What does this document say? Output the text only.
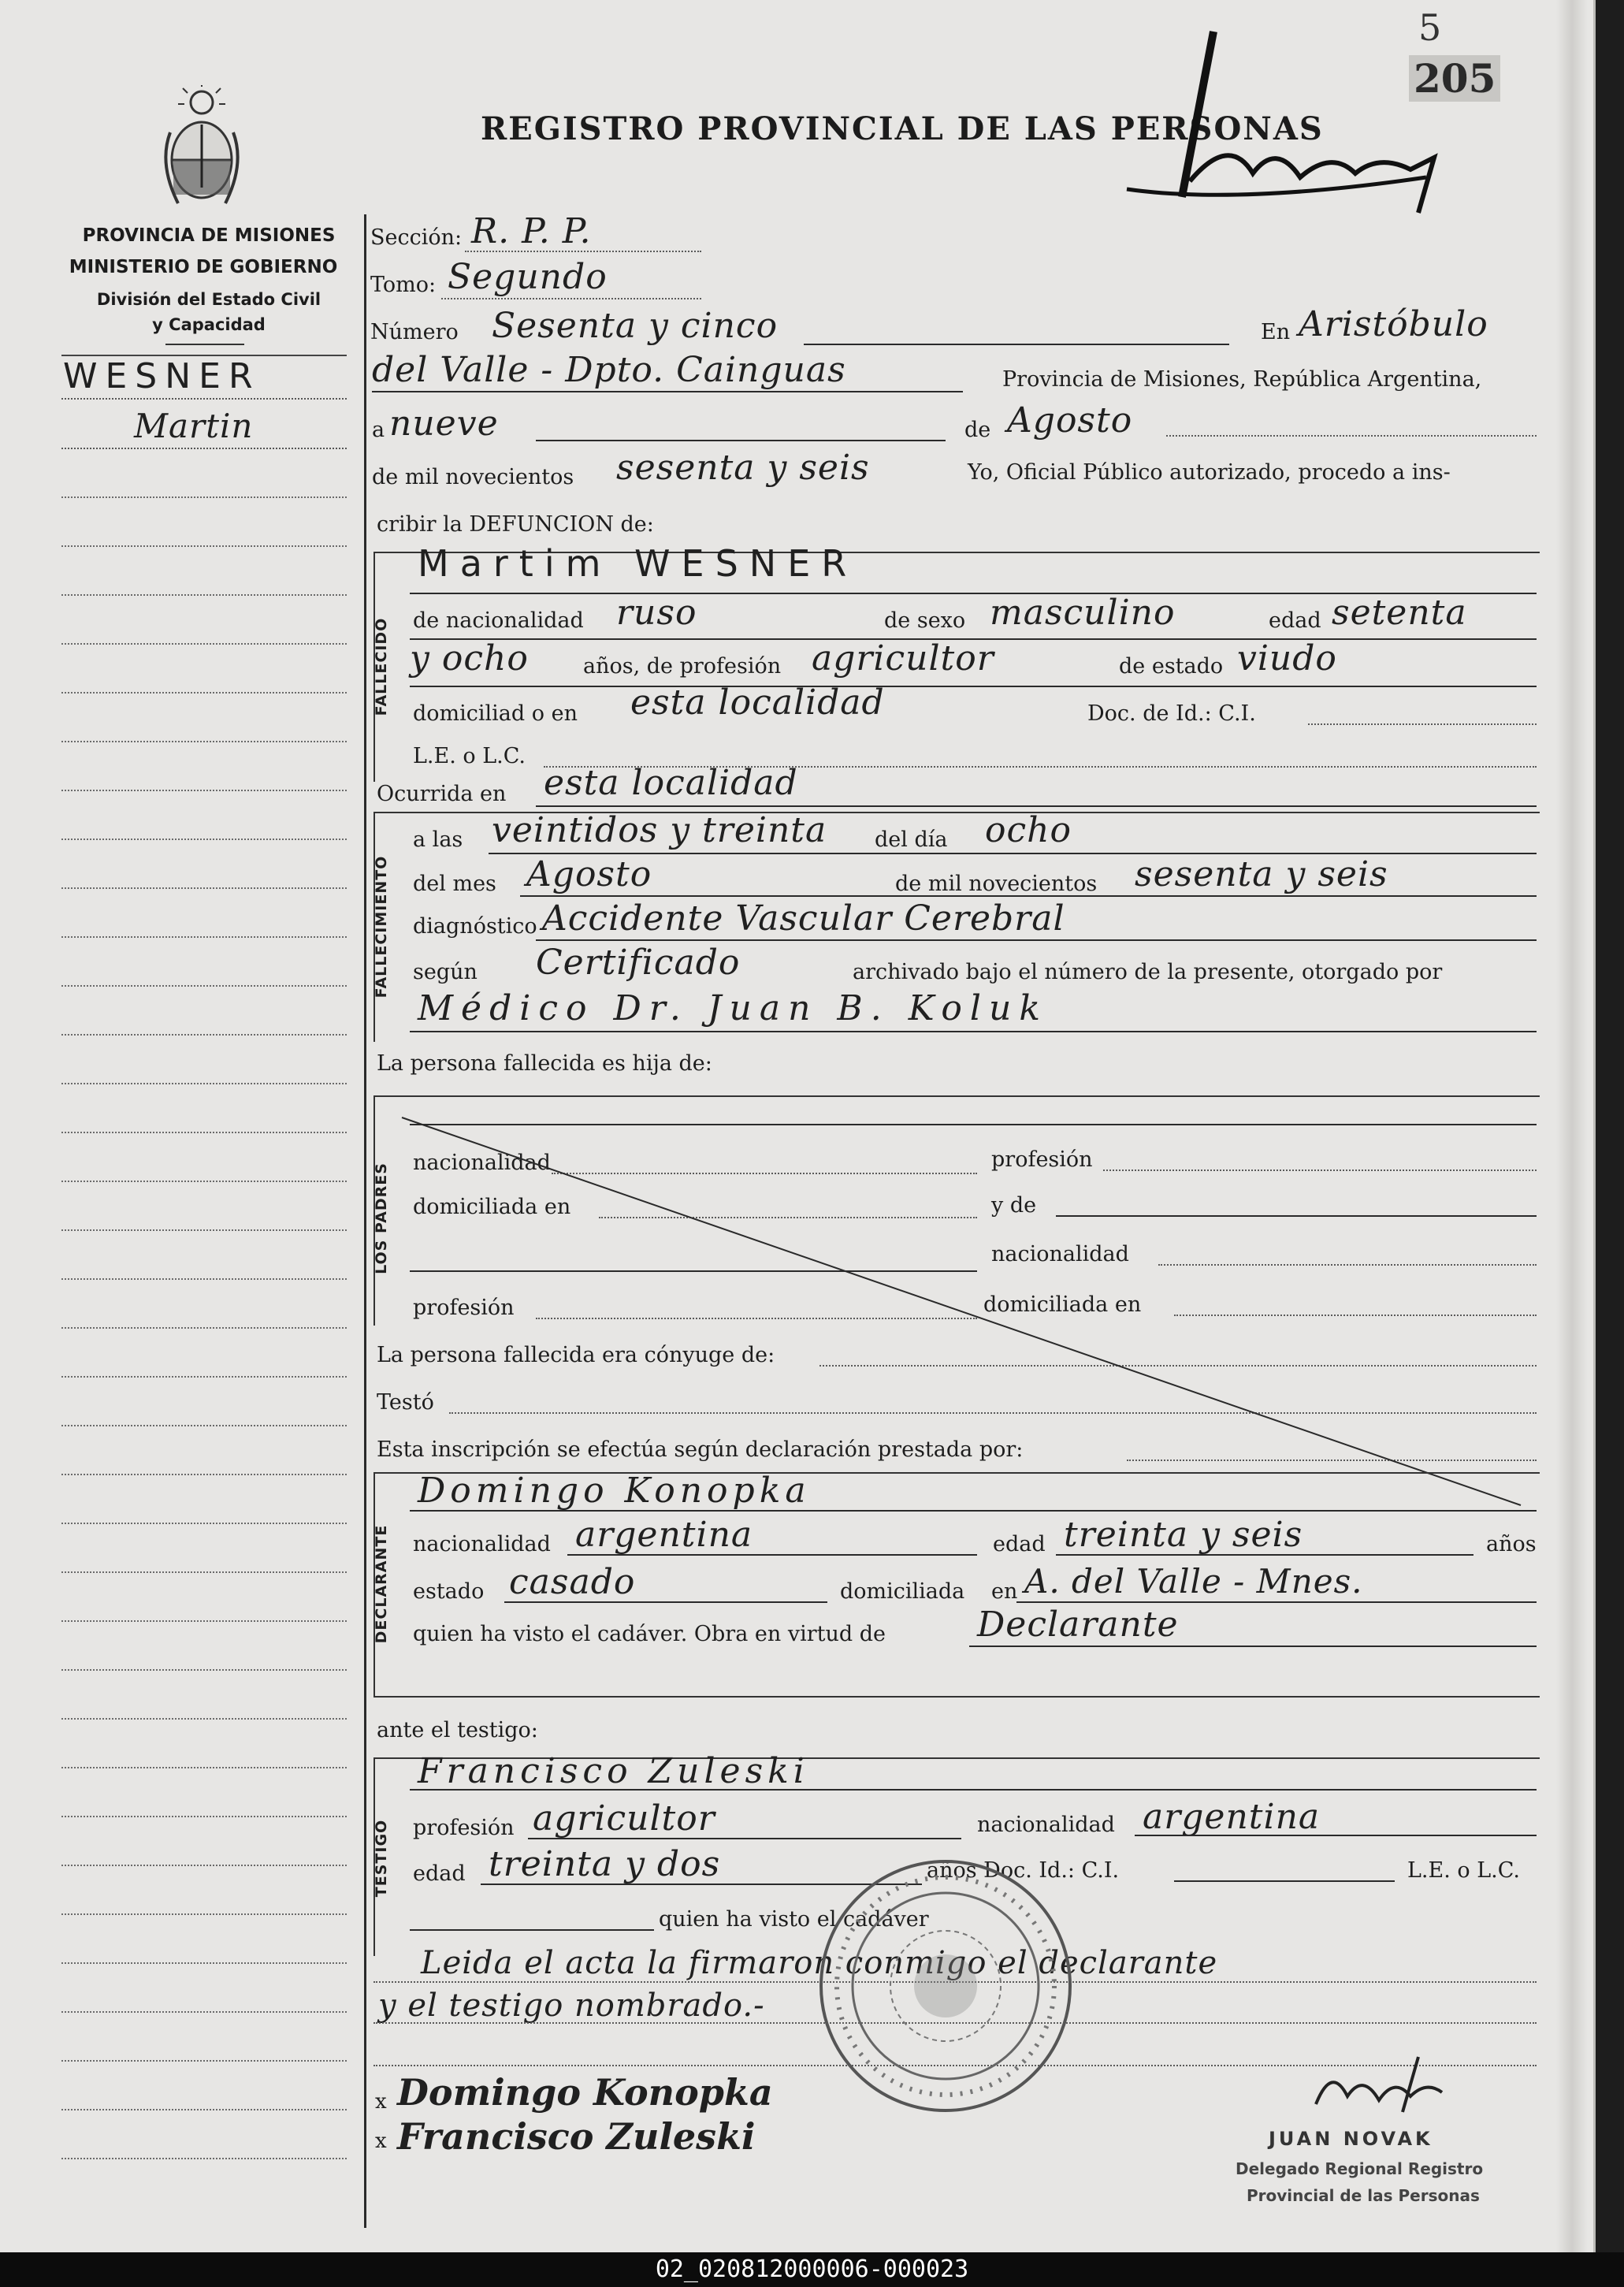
5
205
REGISTRO PROVINCIAL DE LAS PERSONAS
PROVINCIA DE MISIONES
MINISTERIO DE GOBIERNO
División del Estado Civil
y Capacidad
WESNER
Martin
Sección: R. P. P.
Tomo: Segundo
Número Sesenta y cinco	En Aristóbulo
del Valle - Dpto. Cainguas	Provincia de Misiones, República Argentina,
a nueve	de Agosto
de mil novecientos sesenta y seis	Yo, Oficial Público autorizado, procedo a ins-
cribir la DEFUNCION de:
FALLECIDO
Martim WESNER
de nacionalidad ruso	de sexo masculino	edad setenta
y ocho	años, de profesión agricultor	de estado viudo
domiciliad o en esta localidad	Doc. de Id.: C.I.
L.E. o L.C.
Ocurrida en esta localidad
FALLECIMIENTO
a las veintidos y treinta del día ocho
del mes Agosto	de mil novecientos sesenta y seis
diagnóstico Accidente Vascular Cerebral
según Certificado	archivado bajo el número de la presente, otorgado por
Médico Dr. Juan B. Koluk
La persona fallecida es hija de:
LOS PADRES nacionalidad	profesión
domiciliada en	y de
nacionalidad
profesión	domiciliada en
La persona fallecida era cónyuge de:
Testó
Esta inscripción se efectúa según declaración prestada por:
DECLARANTE
Domingo Konopka
nacionalidad argentina	edad treinta y seis	años
estado casado	domiciliada en A. del Valle - Mnes.
quien ha visto el cadáver. Obra en virtud de	Declarante
ante el testigo:
TESTIGO
Francisco Zuleski
profesión agricultor	nacionalidad argentina
edad treinta y dos	años Doc. Id.: C.I.	L.E. o L.C.
quien ha visto el cadáver
Leida el acta la firmaron conmigo el declarante
y el testigo nombrado.-
x
x
Domingo Konopka
Francisco Zuleski	JUAN NOVAK
Delegado Regional Registro
Provincial de las Personas
02_020812000006-000023
